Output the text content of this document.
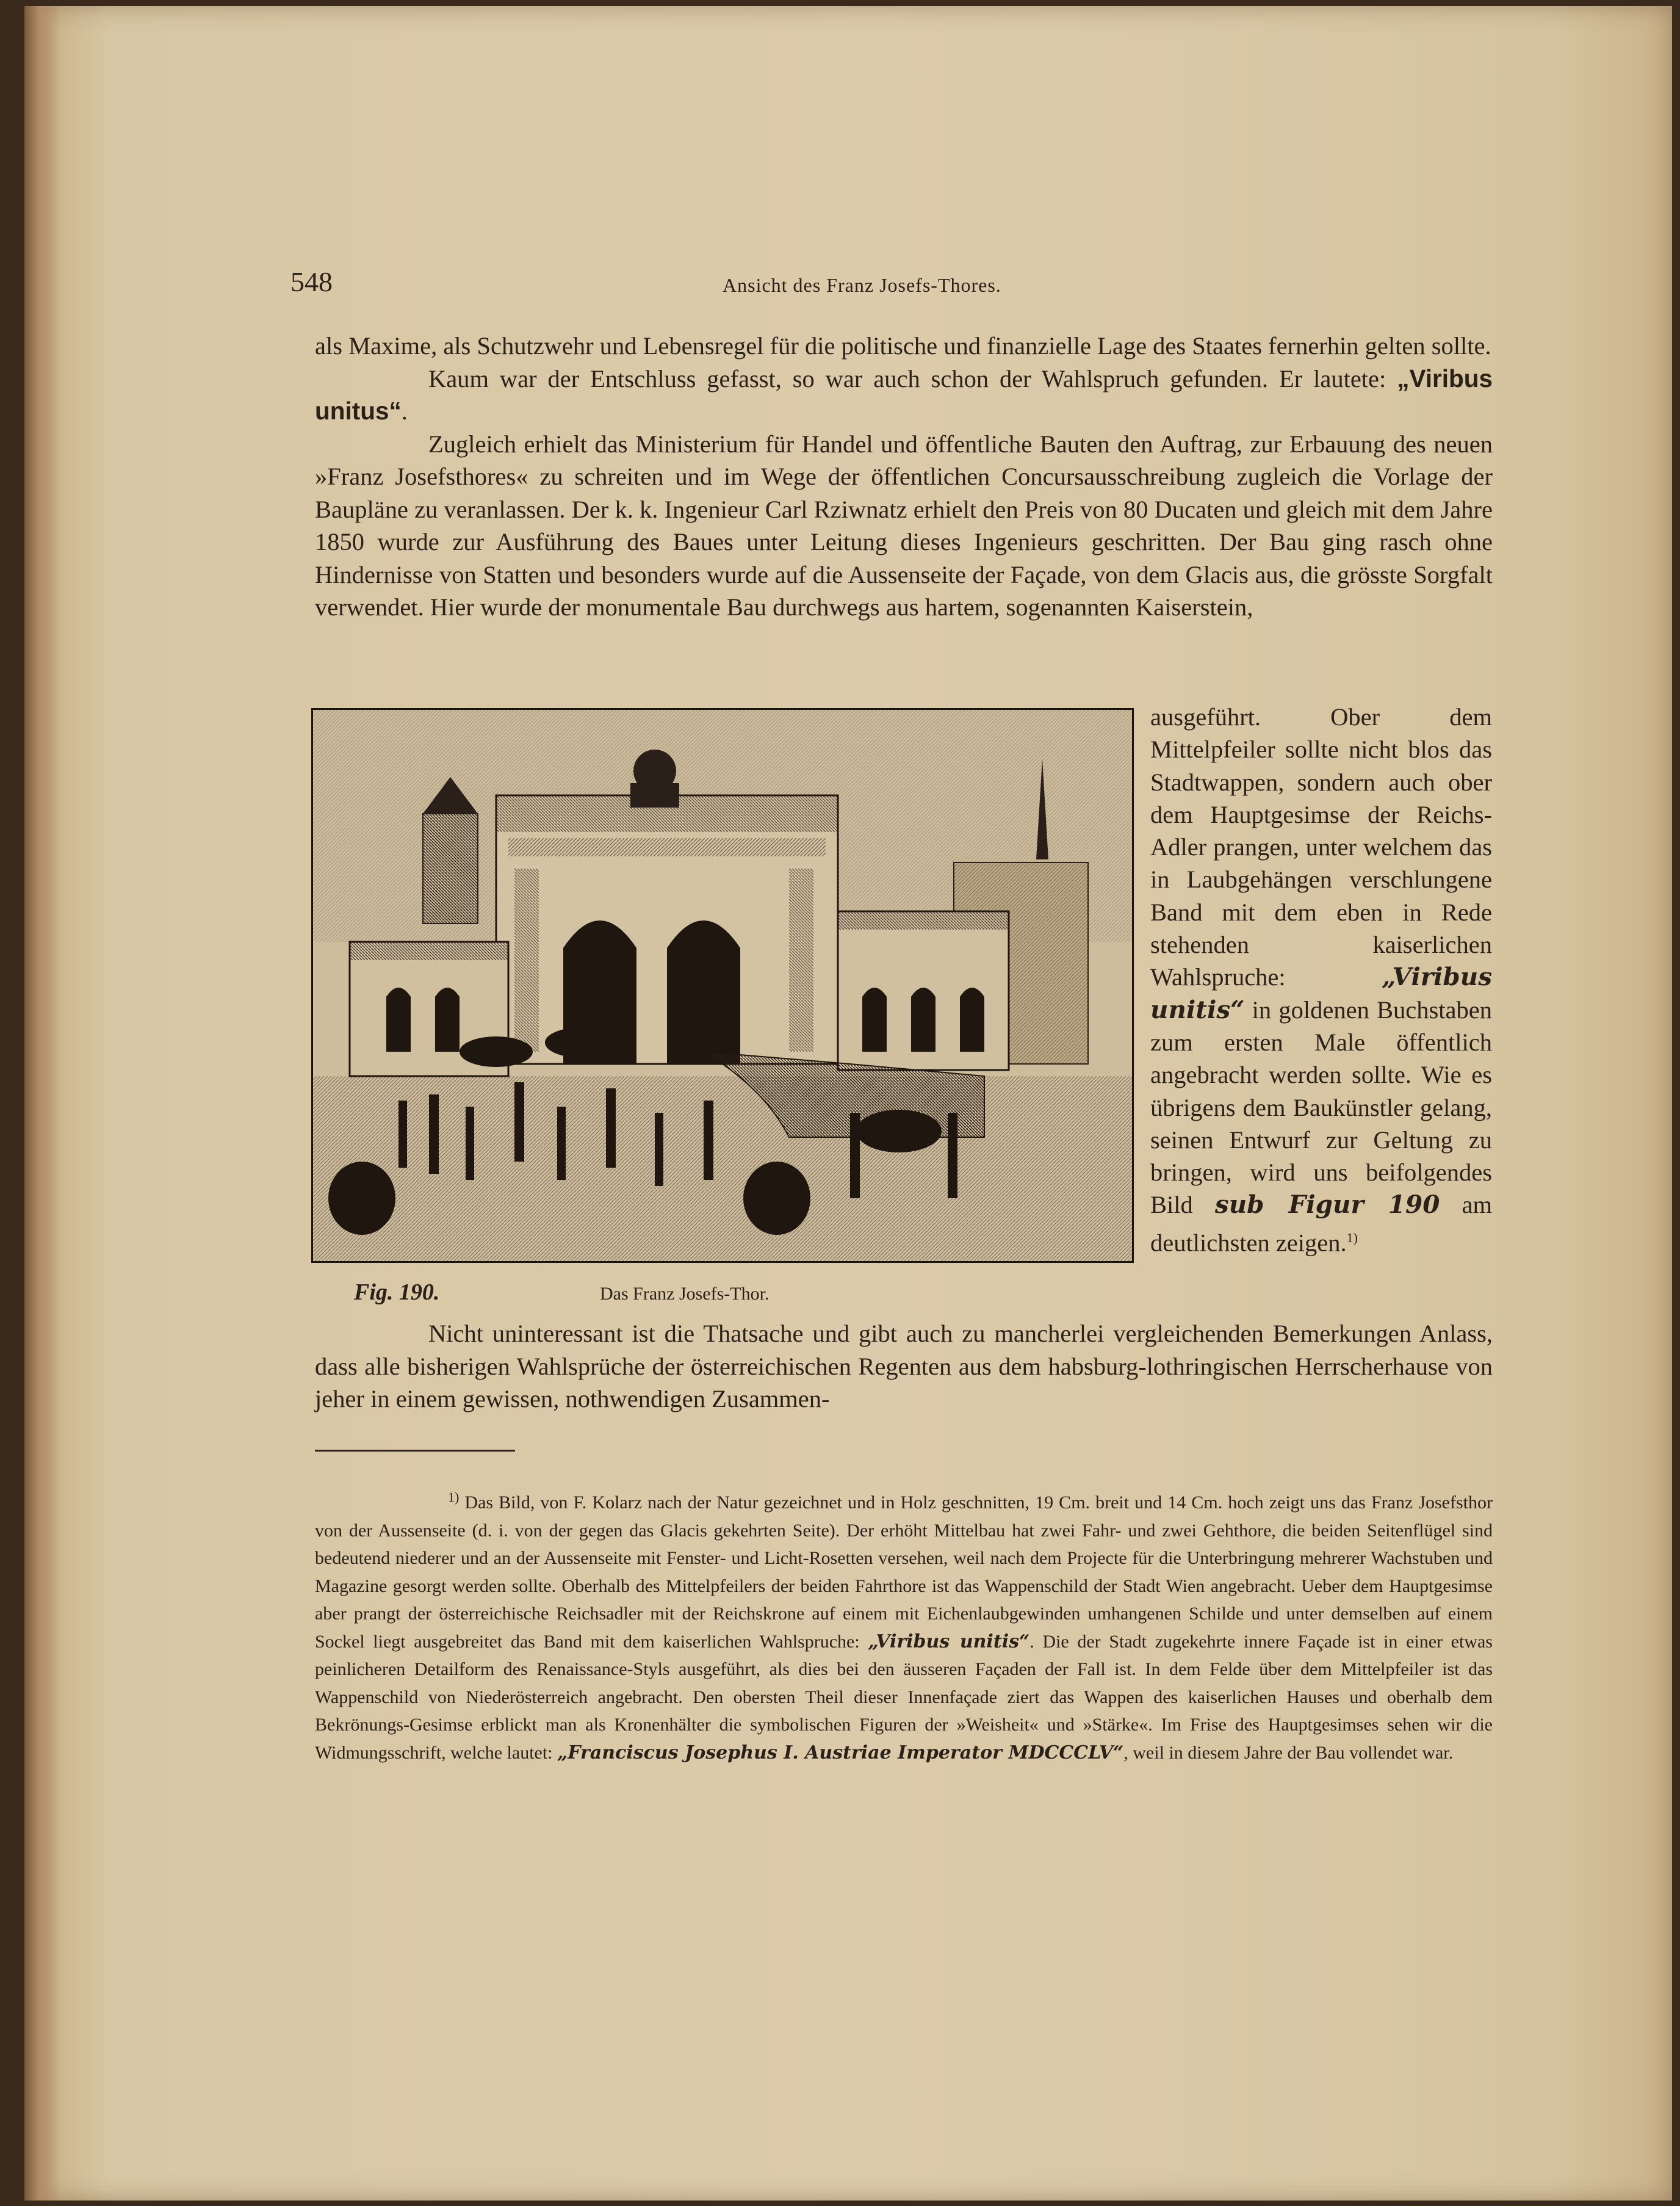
548	Ansicht des Franz Josefs-Thores.

als Maxime, als Schutzwehr und Lebensregel für die politische und finanzielle Lage des Staates fernerhin gelten sollte.

Kaum war der Entschluss gefasst, so war auch schon der Wahlspruch gefunden. Er lautete: „Viribus unitus“.

Zugleich erhielt das Ministerium für Handel und öffentliche Bauten den Auftrag, zur Erbauung des neuen »Franz Josefsthores« zu schreiten und im Wege der öffentlichen Concursausschreibung zugleich die Vorlage der Baupläne zu veranlassen. Der k. k. Ingenieur Carl Rziwnatz erhielt den Preis von 80 Ducaten und gleich mit dem Jahre 1850 wurde zur Ausführung des Baues unter Leitung dieses Ingenieurs geschritten. Der Bau ging rasch ohne Hindernisse von Statten und besonders wurde auf die Aussenseite der Façade, von dem Glacis aus, die grösste Sorgfalt verwendet. Hier wurde der monumentale Bau durchwegs aus hartem, sogenannten Kaiserstein,

Fig. 190.	Das Franz Josefs-Thor.

ausgeführt. Ober dem Mittelpfeiler sollte nicht blos das Stadtwappen, sondern auch ober dem Hauptgesimse der Reichs-Adler prangen, unter welchem das in Laubgehängen verschlungene Band mit dem eben in Rede stehenden kaiserlichen Wahlspruche:	„Viribus unitis“ in goldenen Buchstaben zum ersten Male öffentlich angebracht werden sollte. Wie es übrigens dem Baukünstler gelang, seinen Entwurf zur Geltung zu bringen, wird uns beifolgendes Bild sub Figur 190 am deutlichsten zeigen.$^{1)}$

Nicht uninteressant ist die Thatsache und gibt auch zu mancherlei vergleichenden Bemerkungen Anlass, dass alle bisherigen Wahlsprüche der österreichischen Regenten aus dem habsburg-lothringischen Herrscherhause von jeher in einem gewissen, nothwendigen Zusammen-

$^{1)}$ Das Bild, von F. Kolarz nach der Natur gezeichnet und in Holz geschnitten, 19 Cm. breit und 14 Cm. hoch zeigt uns das Franz Josefsthor von der Aussenseite (d. i. von der gegen das Glacis gekehrten Seite). Der erhöht Mittelbau hat zwei Fahr- und zwei Gehthore, die beiden Seitenflügel sind bedeutend niederer und an der Aussenseite mit Fenster- und Licht-Rosetten versehen, weil nach dem Projecte für die Unterbringung mehrerer Wachstuben und Magazine gesorgt werden sollte. Oberhalb des Mittelpfeilers der beiden Fahrthore ist das Wappenschild der Stadt Wien angebracht. Ueber dem Hauptgesimse aber prangt der österreichische Reichsadler mit der Reichskrone auf einem mit Eichenlaubgewinden umhangenen Schilde und unter demselben auf einem Sockel liegt ausgebreitet das Band mit dem kaiserlichen Wahlspruche: „Viribus unitis“. Die der Stadt zugekehrte innere Façade ist in einer etwas peinlicheren Detailform des Renaissance-Styls ausgeführt, als dies bei den äusseren Façaden der Fall ist. In dem Felde über dem Mittelpfeiler ist das Wappenschild von Niederösterreich angebracht. Den obersten Theil dieser Innenfaçade ziert das Wappen des kaiserlichen Hauses und oberhalb dem Bekrönungs-Gesimse erblickt man als Kronenhälter die symbolischen Figuren der »Weisheit« und »Stärke«. Im Frise des Hauptgesimses sehen wir die Widmungsschrift, welche lautet: „Franciscus Josephus I. Austriae Imperator MDCCCLV“, weil in diesem Jahre der Bau vollendet war.
